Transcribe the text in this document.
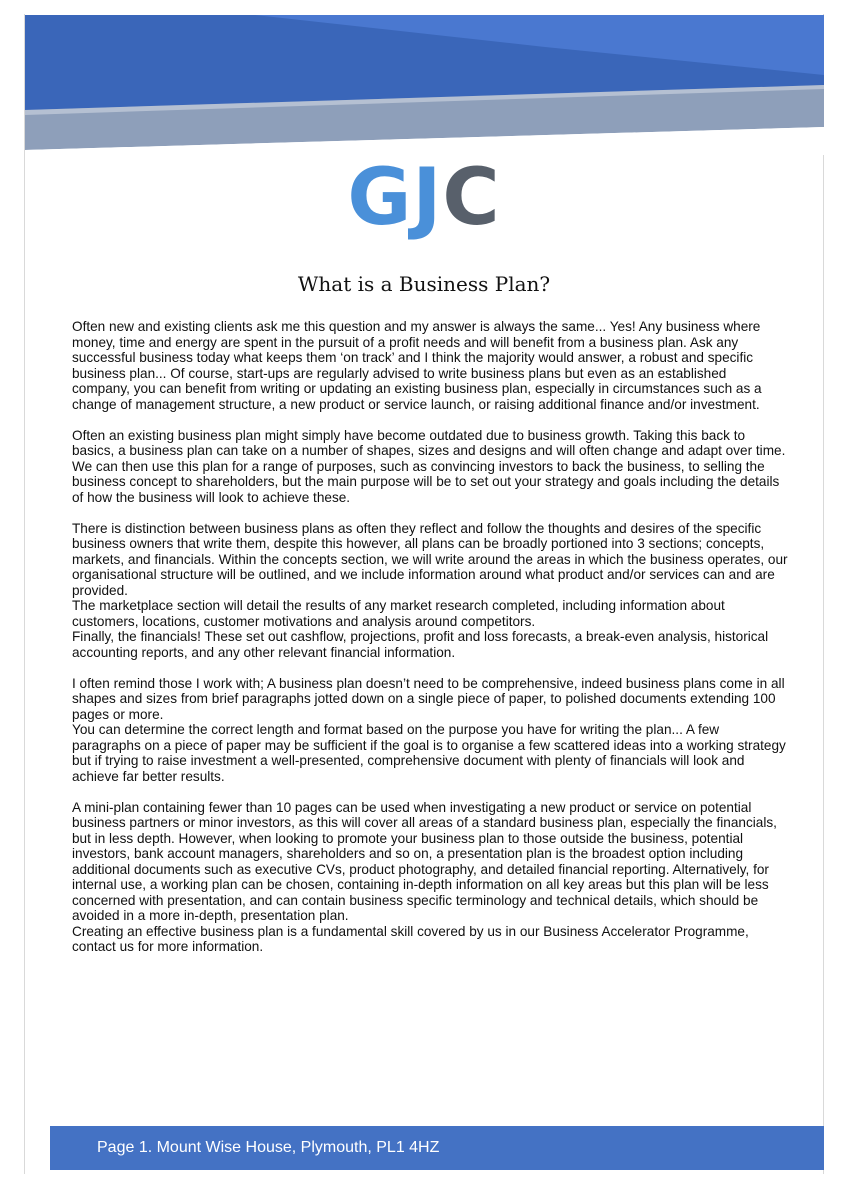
GJC
What is a Business Plan?

Often new and existing clients ask me this question and my answer is always the same... Yes! Any business where money, time and energy are spent in the pursuit of a profit needs and will benefit from a business plan. Ask any successful business today what keeps them ‘on track’ and I think the majority would answer, a robust and specific business plan... Of course, start-ups are regularly advised to write business plans but even as an established company, you can benefit from writing or updating an existing business plan, especially in circumstances such as a change of management structure, a new product or service launch, or raising additional finance and/or investment.

Often an existing business plan might simply have become outdated due to business growth. Taking this back to basics, a business plan can take on a number of shapes, sizes and designs and will often change and adapt over time. We can then use this plan for a range of purposes, such as convincing investors to back the business, to selling the business concept to shareholders, but the main purpose will be to set out your strategy and goals including the details of how the business will look to achieve these.

There is distinction between business plans as often they reflect and follow the thoughts and desires of the specific business owners that write them, despite this however, all plans can be broadly portioned into 3 sections; concepts, markets, and financials. Within the concepts section, we will write around the areas in which the business operates, our organisational structure will be outlined, and we include information around what product and/or services can and are provided.

The marketplace section will detail the results of any market research completed, including information about customers, locations, customer motivations and analysis around competitors.

Finally, the financials! These set out cashflow, projections, profit and loss forecasts, a break-even analysis, historical accounting reports, and any other relevant financial information.

I often remind those I work with; A business plan doesn’t need to be comprehensive, indeed business plans come in all shapes and sizes from brief paragraphs jotted down on a single piece of paper, to polished documents extending 100 pages or more.

You can determine the correct length and format based on the purpose you have for writing the plan... A few paragraphs on a piece of paper may be sufficient if the goal is to organise a few scattered ideas into a working strategy but if trying to raise investment a well-presented, comprehensive document with plenty of financials will look and achieve far better results.

A mini-plan containing fewer than 10 pages can be used when investigating a new product or service on potential business partners or minor investors, as this will cover all areas of a standard business plan, especially the financials, but in less depth. However, when looking to promote your business plan to those outside the business, potential investors, bank account managers, shareholders and so on, a presentation plan is the broadest option including additional documents such as executive CVs, product photography, and detailed financial reporting. Alternatively, for internal use, a working plan can be chosen, containing in-depth information on all key areas but this plan will be less concerned with presentation, and can contain business specific terminology and technical details, which should be avoided in a more in-depth, presentation plan.

Creating an effective business plan is a fundamental skill covered by us in our Business Accelerator Programme, contact us for more information.

Page 1. Mount Wise House, Plymouth, PL1 4HZ
